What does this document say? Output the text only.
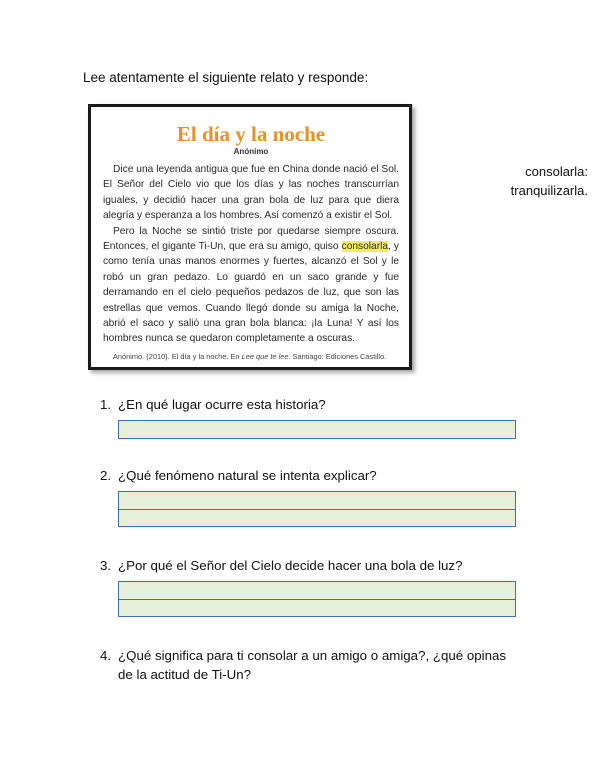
Lee atentamente el siguiente relato y responde:
El día y la noche
Anónimo

Dice una leyenda antigua que fue en China donde nació el Sol. El Señor del Cielo vio que los días y las noches transcurrían iguales, y decidió hacer una gran bola de luz para que diera alegría y esperanza a los hombres. Así comenzó a existir el Sol.

Pero la Noche se sintió triste por quedarse siempre oscura. Entonces, el gigante Ti-Un, que era su amigo, quiso consolarla, y como tenía unas manos enormes y fuertes, alcanzó el Sol y le robó un gran pedazo. Lo guardó en un saco grande y fue derramando en el cielo pequeños pedazos de luz, que son las estrellas que vemos. Cuando llegó donde su amiga la Noche, abrió el saco y salió una gran bola blanca: ¡la Luna! Y así los hombres nunca se quedaron completamente a oscuras.

Anónimo. (2010). El día y la noche. En Lee que te lee. Santiago: Ediciones Castillo.
consolarla:
tranquilizarla.
1. ¿En qué lugar ocurre esta historia?
2. ¿Qué fenómeno natural se intenta explicar?
3. ¿Por qué el Señor del Cielo decide hacer una bola de luz?
4. ¿Qué significa para ti consolar a un amigo o amiga?, ¿qué opinas de la actitud de Ti-Un?
